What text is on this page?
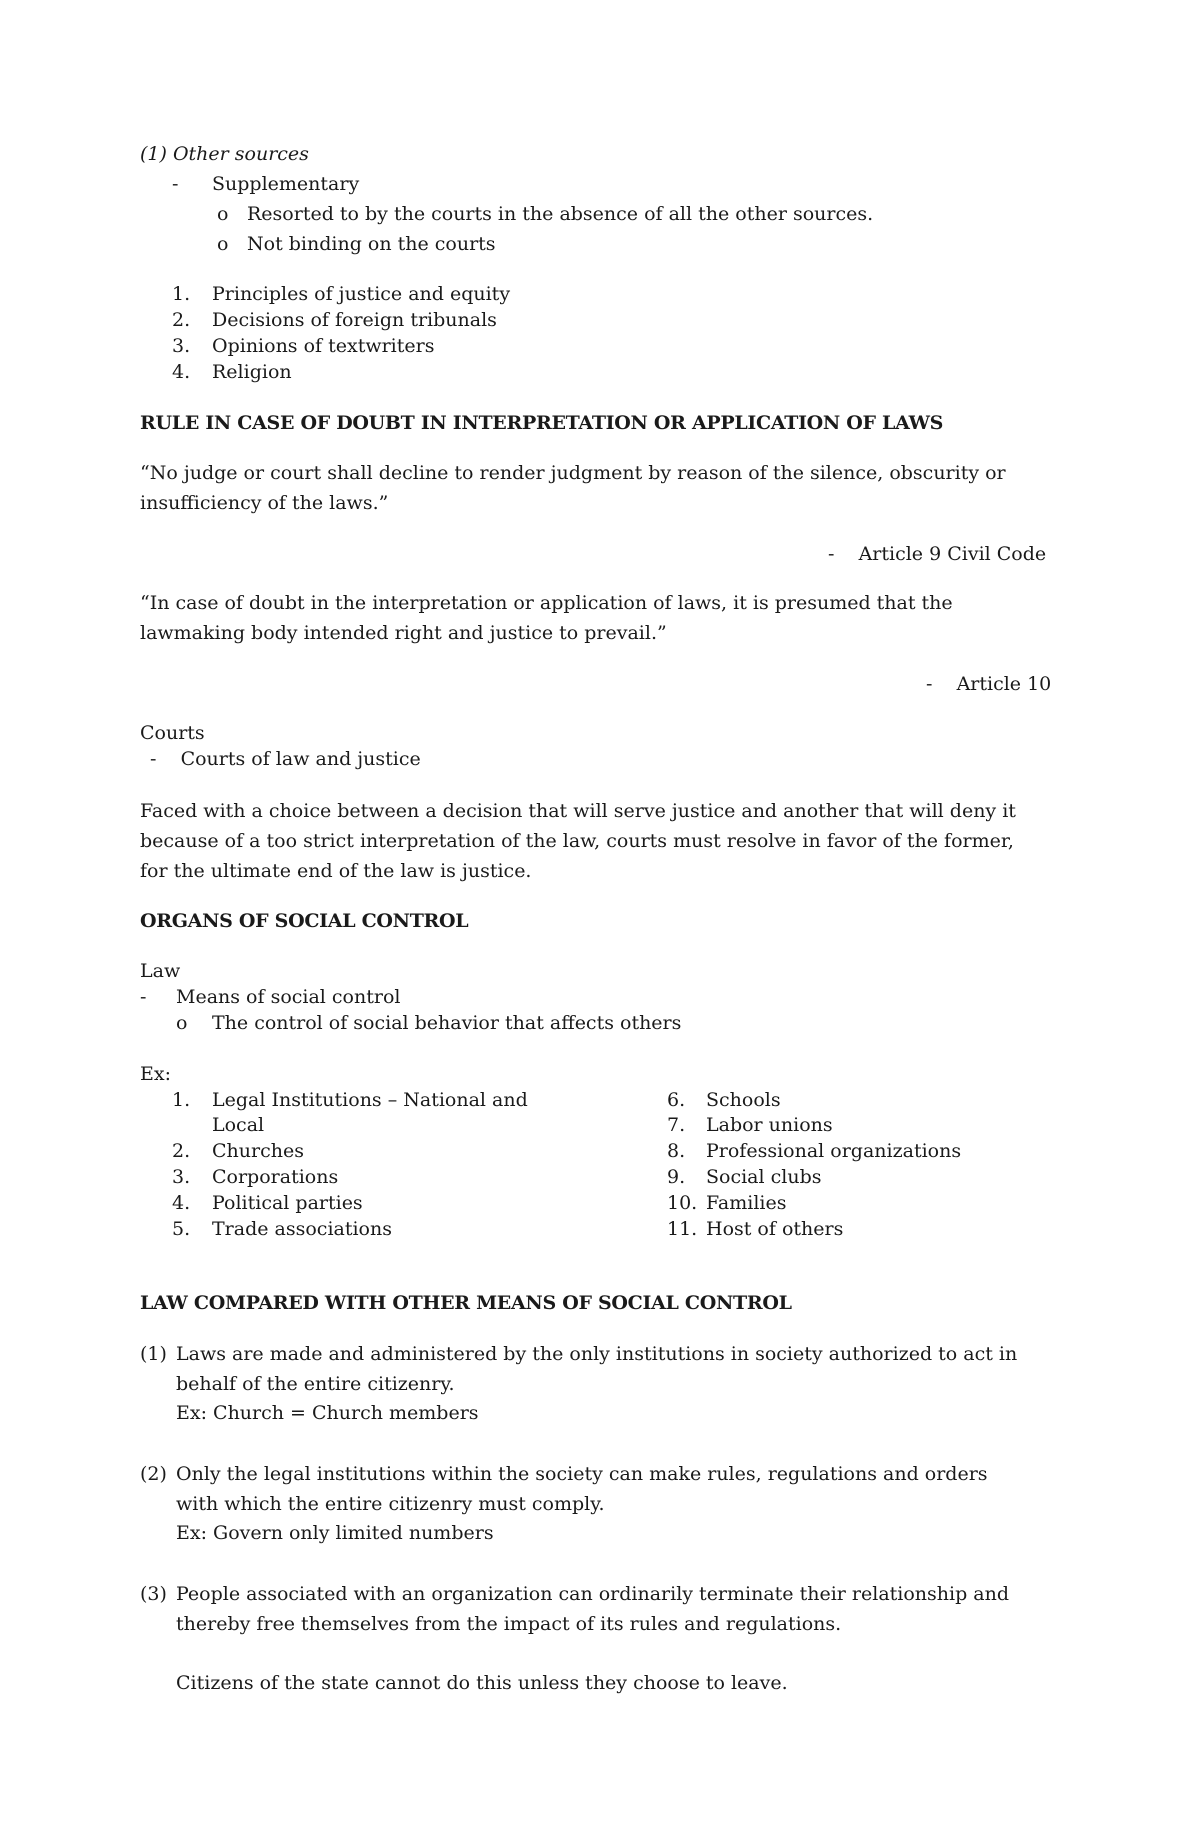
(1) Other sources
- Supplementary
o Resorted to by the courts in the absence of all the other sources.
o Not binding on the courts
1. Principles of justice and equity
2. Decisions of foreign tribunals
3. Opinions of textwriters
4. Religion
RULE IN CASE OF DOUBT IN INTERPRETATION OR APPLICATION OF LAWS
“No judge or court shall decline to render judgment by reason of the silence, obscurity or
insufficiency of the laws.”
-    Article 9 Civil Code
“In case of doubt in the interpretation or application of laws, it is presumed that the
lawmaking body intended right and justice to prevail.”
-    Article 10
Courts
-    Courts of law and justice
Faced with a choice between a decision that will serve justice and another that will deny it
because of a too strict interpretation of the law, courts must resolve in favor of the former,
for the ultimate end of the law is justice.
ORGANS OF SOCIAL CONTROL
Law
- Means of social control
o The control of social behavior that affects others
Ex:
1. Legal Institutions – National and
Local
2. Churches
3. Corporations
4. Political parties
5. Trade associations
6. Schools
7. Labor unions
8. Professional organizations
9. Social clubs
10. Families
11. Host of others
LAW COMPARED WITH OTHER MEANS OF SOCIAL CONTROL
(1) Laws are made and administered by the only institutions in society authorized to act in
behalf of the entire citizenry.
Ex: Church = Church members
(2) Only the legal institutions within the society can make rules, regulations and orders
with which the entire citizenry must comply.
Ex: Govern only limited numbers
(3) People associated with an organization can ordinarily terminate their relationship and
thereby free themselves from the impact of its rules and regulations.
Citizens of the state cannot do this unless they choose to leave.
